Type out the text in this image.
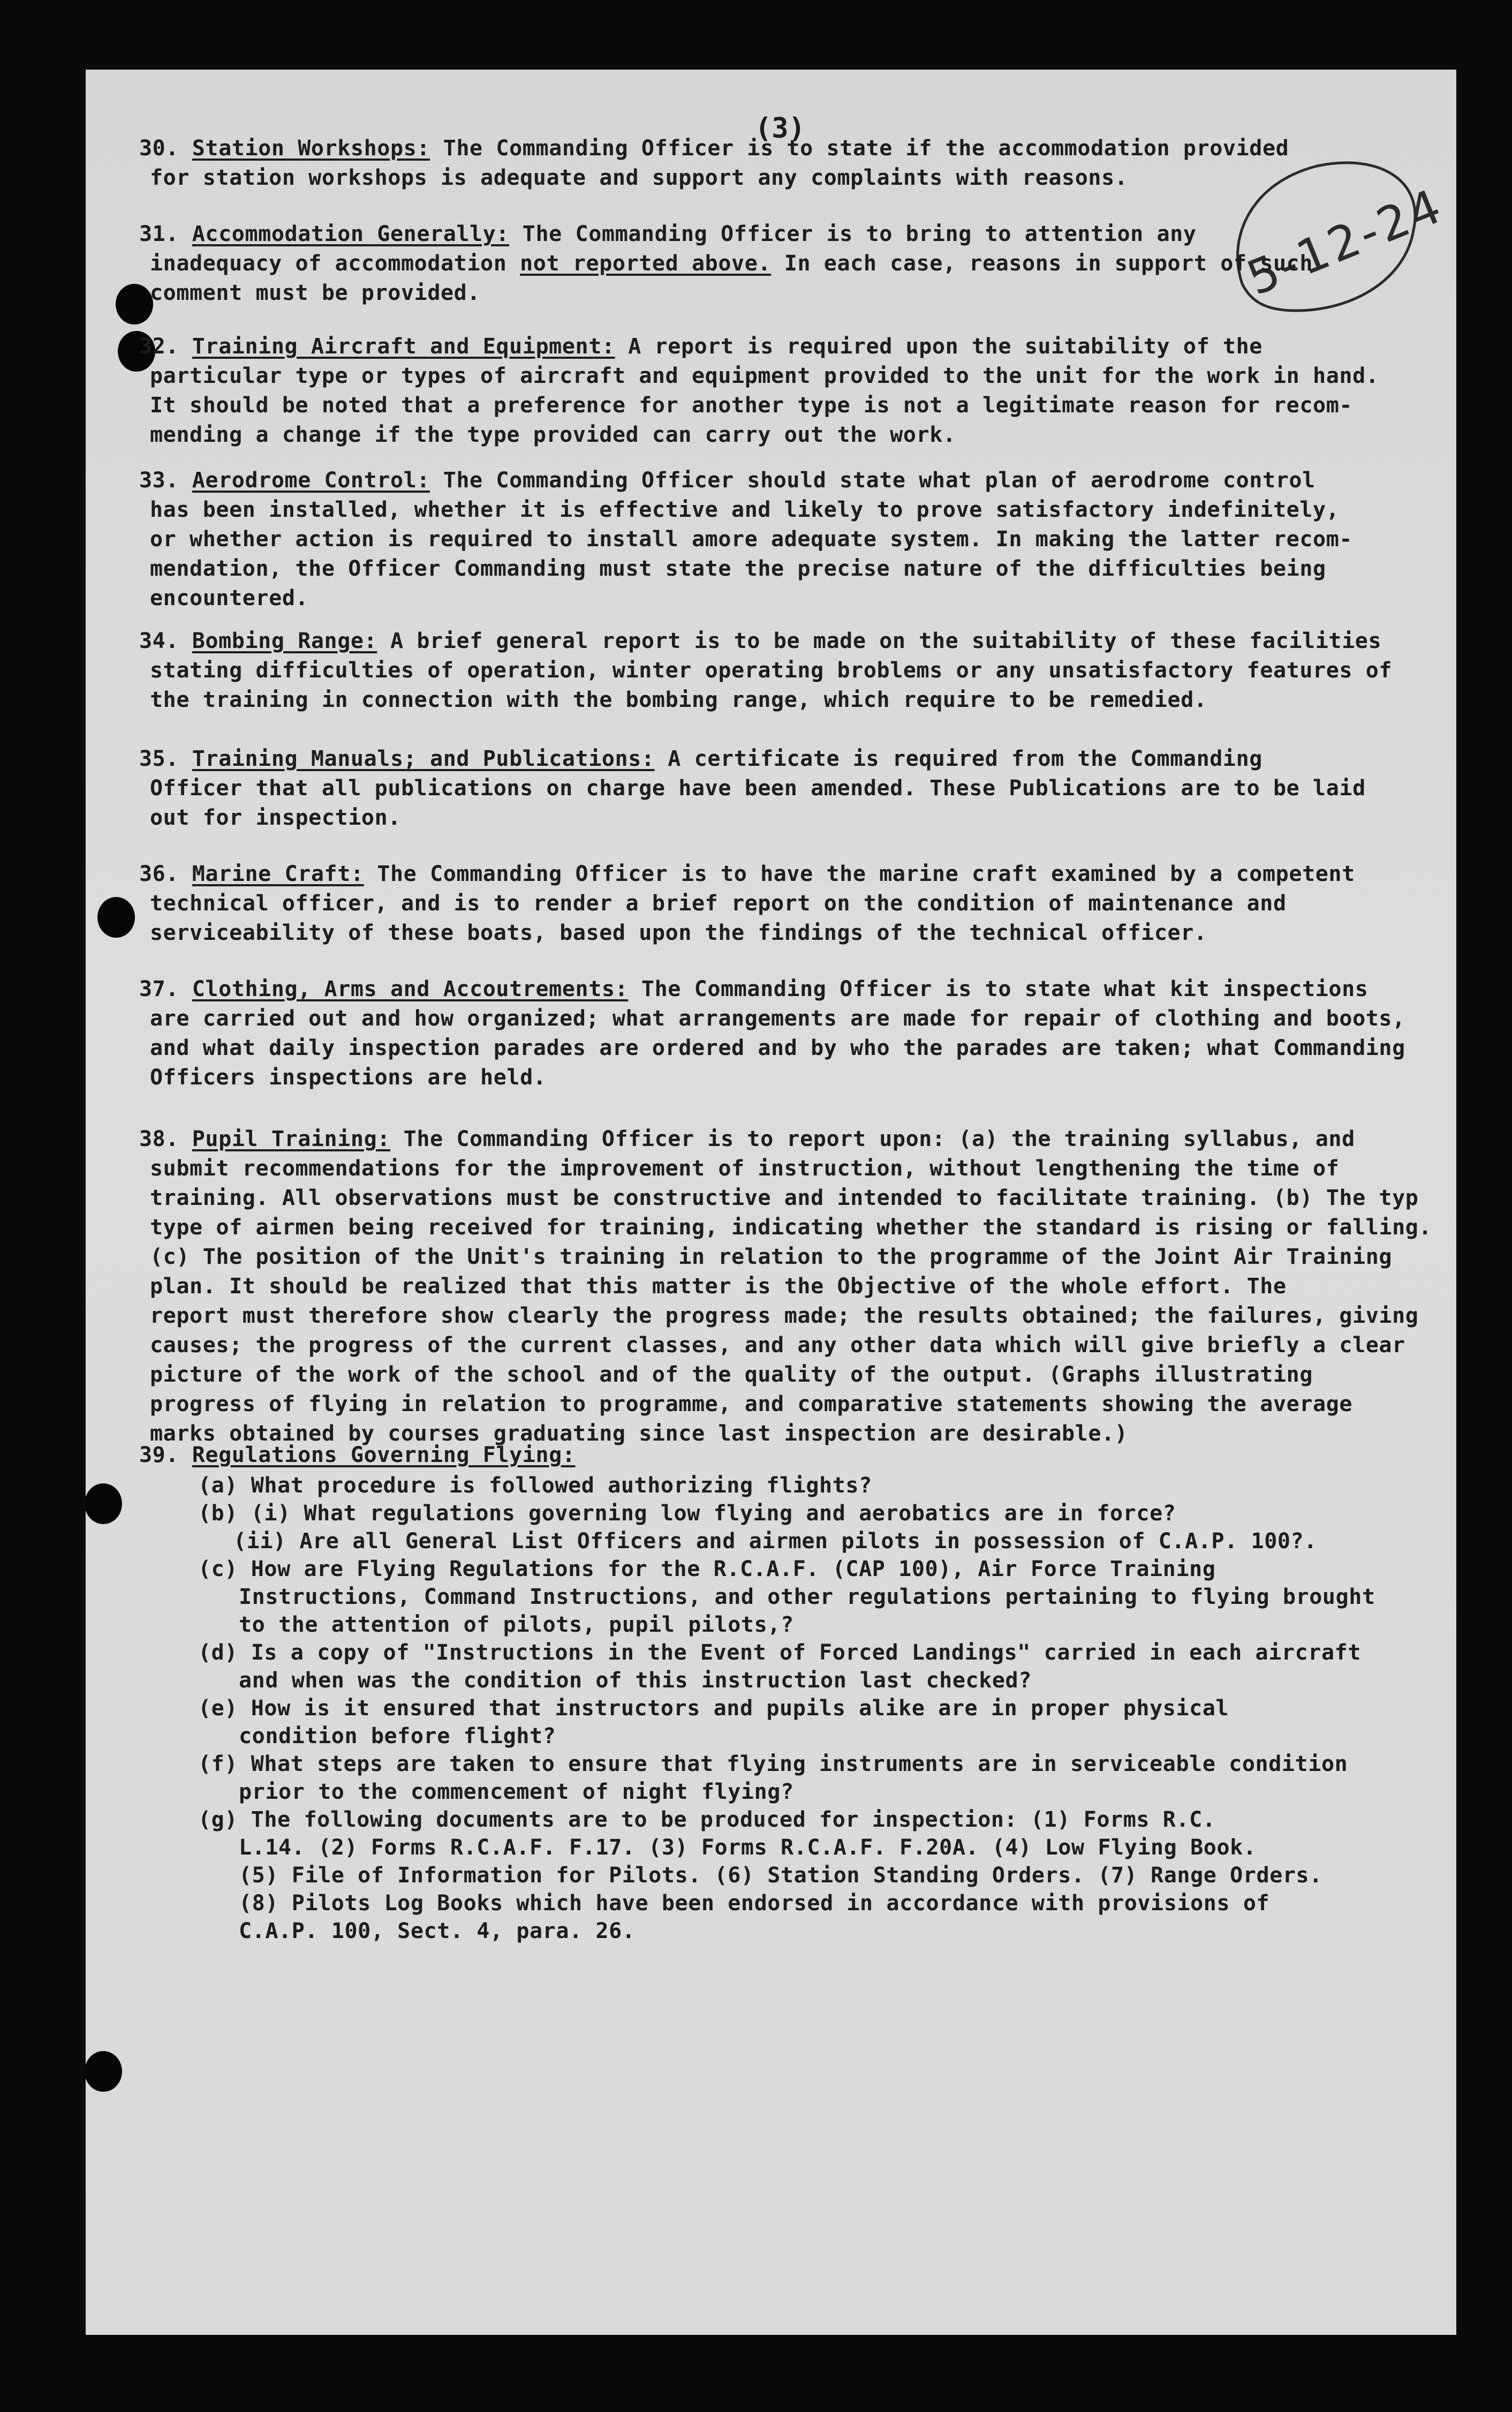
(3)
5-12-24
30. Station Workshops: The Commanding Officer is to state if the accommodation provided
for station workshops is adequate and support any complaints with reasons.
31. Accommodation Generally: The Commanding Officer is to bring to attention any
inadequacy of accommodation not reported above. In each case, reasons in support of such
comment must be provided.
32. Training Aircraft and Equipment: A report is required upon the suitability of the
particular type or types of aircraft and equipment provided to the unit for the work in hand.
It should be noted that a preference for another type is not a legitimate reason for recom-
mending a change if the type provided can carry out the work.
33. Aerodrome Control: The Commanding Officer should state what plan of aerodrome control
has been installed, whether it is effective and likely to prove satisfactory indefinitely,
or whether action is required to install amore adequate system. In making the latter recom-
mendation, the Officer Commanding must state the precise nature of the difficulties being
encountered.
34. Bombing Range: A brief general report is to be made on the suitability of these facilities
stating difficulties of operation, winter operating broblems or any unsatisfactory features of
the training in connection with the bombing range, which require to be remedied.
35. Training Manuals; and Publications: A certificate is required from the Commanding
Officer that all publications on charge have been amended. These Publications are to be laid
out for inspection.
36. Marine Craft: The Commanding Officer is to have the marine craft examined by a competent
technical officer, and is to render a brief report on the condition of maintenance and
serviceability of these boats, based upon the findings of the technical officer.
37. Clothing, Arms and Accoutrements: The Commanding Officer is to state what kit inspections
are carried out and how organized; what arrangements are made for repair of clothing and boots,
and what daily inspection parades are ordered and by who the parades are taken; what Commanding
Officers inspections are held.
38. Pupil Training: The Commanding Officer is to report upon: (a) the training syllabus, and
submit recommendations for the improvement of instruction, without lengthening the time of
training. All observations must be constructive and intended to facilitate training. (b) The typ
type of airmen being received for training, indicating whether the standard is rising or falling.
(c) The position of the Unit's training in relation to the programme of the Joint Air Training
plan. It should be realized that this matter is the Objective of the whole effort. The
report must therefore show clearly the progress made; the results obtained; the failures, giving
causes; the progress of the current classes, and any other data which will give briefly a clear
picture of the work of the school and of the quality of the output. (Graphs illustrating
progress of flying in relation to programme, and comparative statements showing the average
marks obtained by courses graduating since last inspection are desirable.)
39. Regulations Governing Flying:
(a) What procedure is followed authorizing flights?
(b) (i) What regulations governing low flying and aerobatics are in force?
(ii) Are all General List Officers and airmen pilots in possession of C.A.P. 100?.
(c) How are Flying Regulations for the R.C.A.F. (CAP 100), Air Force Training
Instructions, Command Instructions, and other regulations pertaining to flying brought
to the attention of pilots, pupil pilots,?
(d) Is a copy of "Instructions in the Event of Forced Landings" carried in each aircraft
and when was the condition of this instruction last checked?
(e) How is it ensured that instructors and pupils alike are in proper physical
condition before flight?
(f) What steps are taken to ensure that flying instruments are in serviceable condition
prior to the commencement of night flying?
(g) The following documents are to be produced for inspection: (1) Forms R.C.
L.14. (2) Forms R.C.A.F. F.17. (3) Forms R.C.A.F. F.20A. (4) Low Flying Book.
(5) File of Information for Pilots. (6) Station Standing Orders. (7) Range Orders.
(8) Pilots Log Books which have been endorsed in accordance with provisions of
C.A.P. 100, Sect. 4, para. 26.
